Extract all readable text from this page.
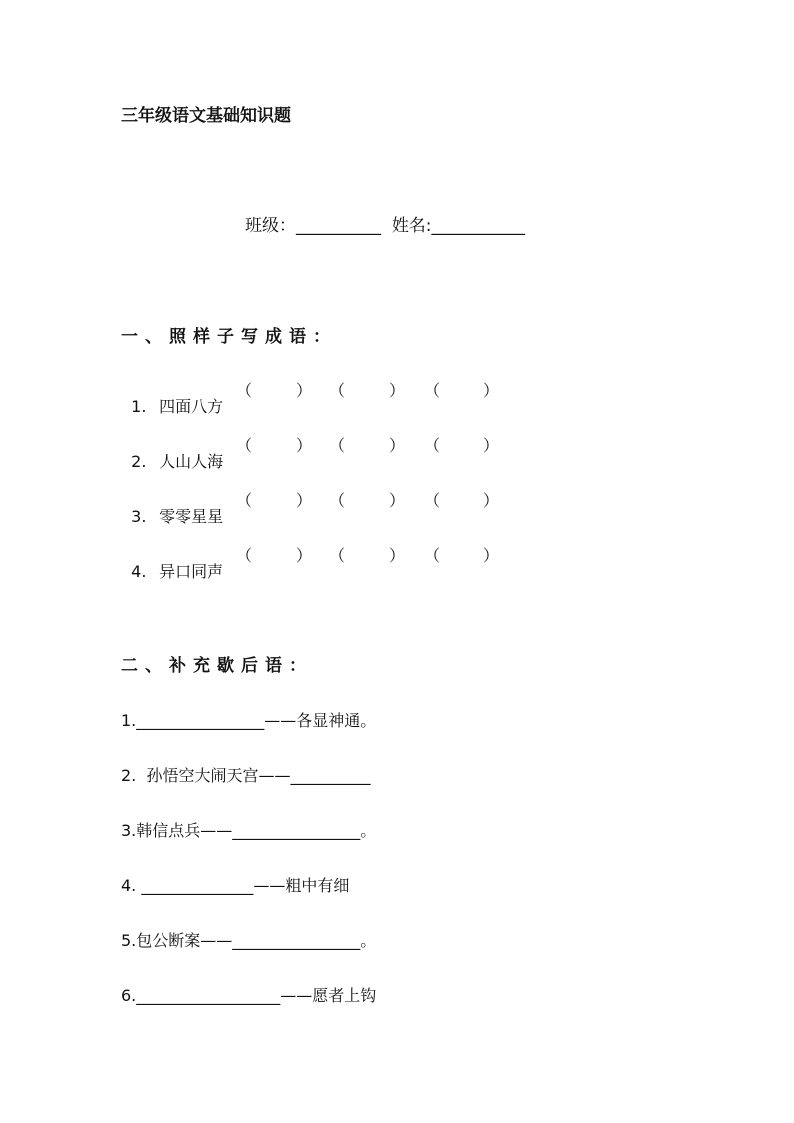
三年级语文基础知识题
班级：__________ 姓名:___________
一、照样子写成语：

1. 四面八方

（	）

（	）

（	）

2. 人山人海

（	）

（	）

（	）

3. 零零星星

（	）

（	）

（	）

4. 异口同声

（	）

（	）

（	）

二、补充歇后语：
1.________________——各显神通。
2.  孙悟空大闹天宫——__________
3.韩信点兵——________________。
4. ______________——粗中有细
5.包公断案——________________。
6.__________________——愿者上钩
